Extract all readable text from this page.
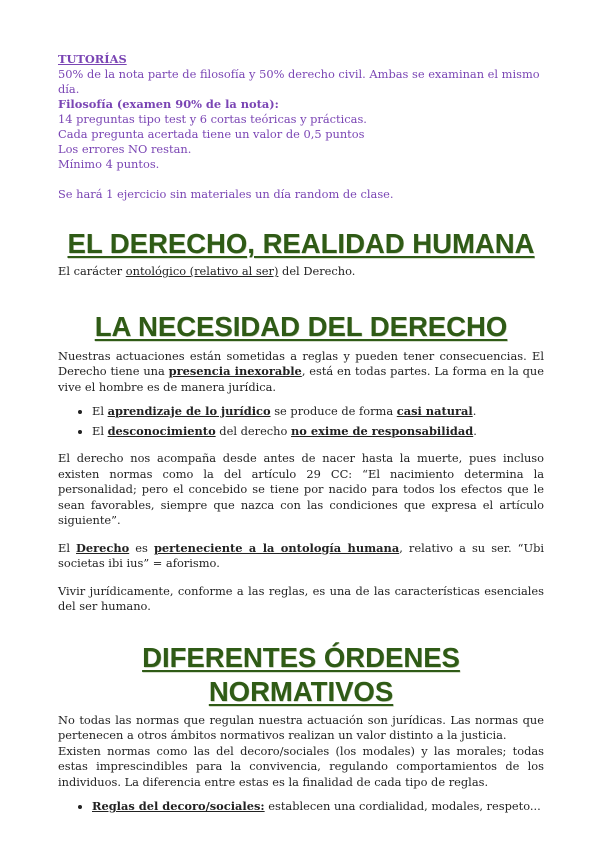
TUTORÍAS
50% de la nota parte de filosofía y 50% derecho civil. Ambas se examinan el mismo día.
Filosofía (examen 90% de la nota):
14 preguntas tipo test y 6 cortas teóricas y prácticas.
Cada pregunta acertada tiene un valor de 0,5 puntos
Los errores NO restan.
Mínimo 4 puntos.
Se hará 1 ejercicio sin materiales un día random de clase.
EL DERECHO, REALIDAD HUMANA

El carácter ontológico (relativo al ser) del Derecho.

LA NECESIDAD DEL DERECHO

Nuestras actuaciones están sometidas a reglas y pueden tener consecuencias. El Derecho tiene una presencia inexorable, está en todas partes. La forma en la que vive el hombre es de manera jurídica.

• El aprendizaje de lo jurídico se produce de forma casi natural.
• El desconocimiento del derecho no exime de responsabilidad.

El derecho nos acompaña desde antes de nacer hasta la muerte, pues incluso existen normas como la del artículo 29 CC: “El nacimiento determina la personalidad; pero el concebido se tiene por nacido para todos los efectos que le sean favorables, siempre que nazca con las condiciones que expresa el artículo siguiente”.

El Derecho es perteneciente a la ontología humana, relativo a su ser. “Ubi societas ibi ius” = aforismo.

Vivir jurídicamente, conforme a las reglas, es una de las características esenciales del ser humano.

DIFERENTES ÓRDENES
NORMATIVOS

No todas las normas que regulan nuestra actuación son jurídicas. Las normas que pertenecen a otros ámbitos normativos realizan un valor distinto a la justicia.

Existen normas como las del decoro/sociales (los modales) y las morales; todas estas imprescindibles para la convivencia, regulando comportamientos de los individuos. La diferencia entre estas es la finalidad de cada tipo de reglas.

• Reglas del decoro/sociales: establecen una cordialidad, modales, respeto...
